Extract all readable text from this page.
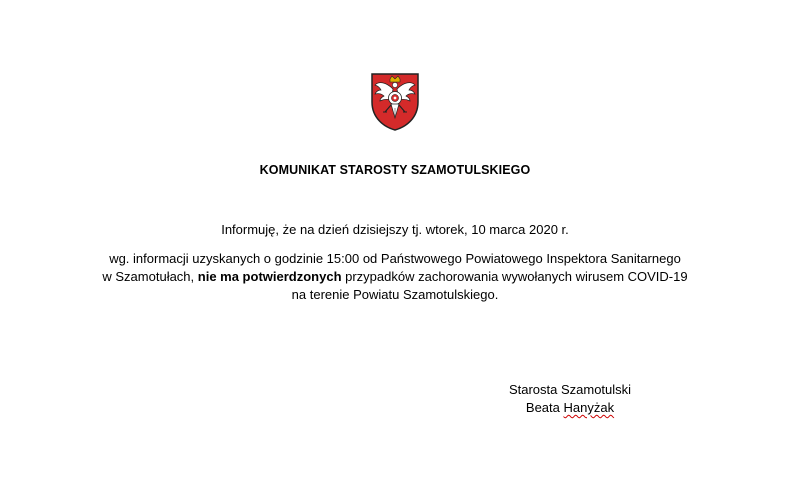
KOMUNIKAT STAROSTY SZAMOTULSKIEGO
Informuję, że na dzień dzisiejszy tj. wtorek, 10 marca 2020 r.
wg. informacji uzyskanych o godzinie 15:00 od Państwowego Powiatowego Inspektora Sanitarnego
w Szamotułach, nie ma potwierdzonych przypadków zachorowania wywołanych wirusem COVID-19
na terenie Powiatu Szamotulskiego.
Starosta Szamotulski
Beata Hanyżak
